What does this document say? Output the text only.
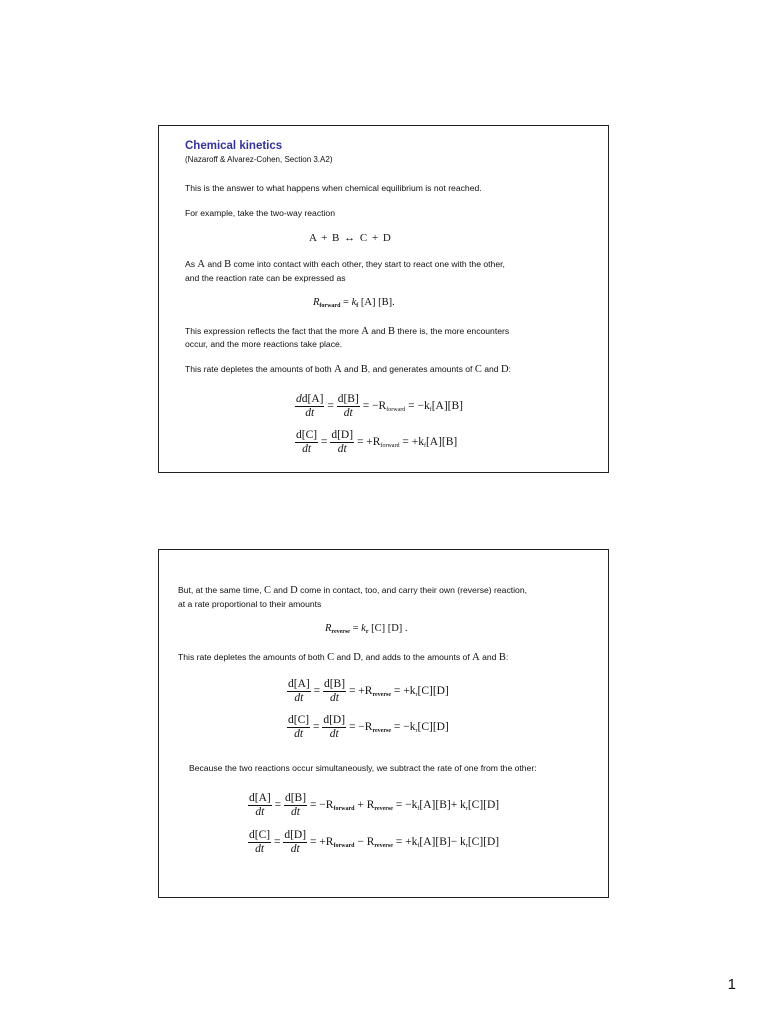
Chemical kinetics
(Nazaroff & Alvarez-Cohen, Section 3.A2)
This is the answer to what happens when chemical equilibrium is not reached.
For example, take the two-way reaction
A + B ↔ C + D
As A and B come into contact with each other, they start to react one with the other,
and the reaction rate can be expressed as
Rforward = kf [A] [B].
This expression reflects the fact that the more A and B there is, the more encounters
occur, and the more reactions take place.
This rate depletes the amounts of both A and B, and generates amounts of C and D:
$\frac{dd[A]}{dt} = \frac{d[B]}{dt} = -R_{forward} = -k_f[A][B]$
$\frac{d[C]}{dt} = \frac{d[D]}{dt} = +R_{forward} = +k_f[A][B]$
But, at the same time, C and D come in contact, too, and carry their own (reverse) reaction,
at a rate proportional to their amounts
Rreverse = kr [C] [D] .
This rate depletes the amounts of both C and D, and adds to the amounts of A and B:
$\frac{d[A]}{dt} = \frac{d[B]}{dt}$ = +Rreverse = $+k_r[C][D]$
$\frac{d[C]}{dt} = \frac{d[D]}{dt}$ = −Rreverse = $-k_r[C][D]$
Because the two reactions occur simultaneously, we subtract the rate of one from the other:
$\frac{d[A]}{dt} = \frac{d[B]}{dt}$ = −Rforward + Rreverse = $-k_f[A][B]+ k_r[C][D]$
$\frac{d[C]}{dt} = \frac{d[D]}{dt}$ = +Rforward − Rreverse = $+k_f[A][B]- k_r[C][D]$
1
